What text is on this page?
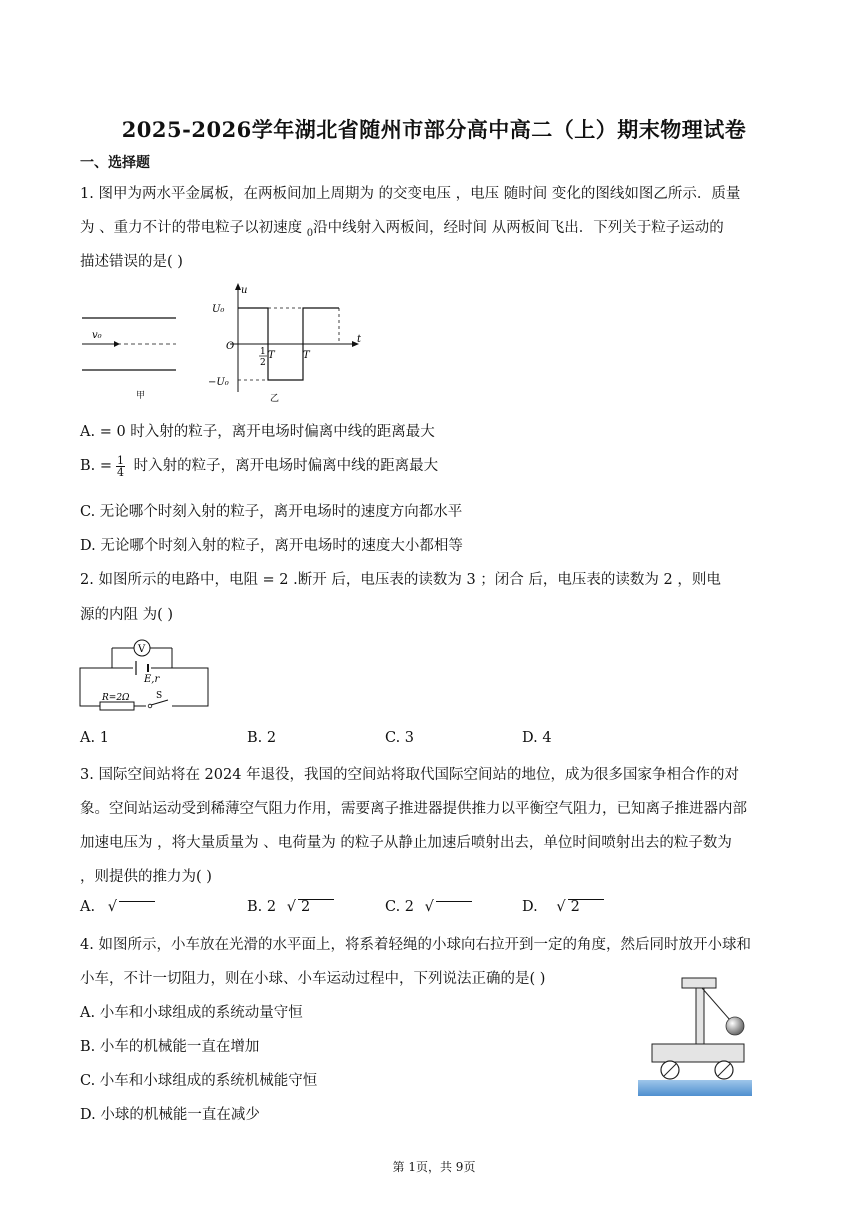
2025-2026学年湖北省随州市部分高中高二（上）期末物理试卷
一、选择题
1. 图甲为两水平金属板，在两板间加上周期为 的交变电压 ，电压 随时间 变化的图线如图乙所示．质量
为 、重力不计的带电粒子以初速度 $_0$沿中线射入两板间，经时间 从两板间飞出．下列关于粒子运动的
描述错误的是( )
v₀
甲
u
t
U₀
O	1
2
T	T
−U₀
乙
A. = 0 时入射的粒子，离开电场时偏离中线的距离最大
B. = $\frac{1}{4}$ 时入射的粒子，离开电场时偏离中线的距离最大
C. 无论哪个时刻入射的粒子，离开电场时的速度方向都水平
D. 无论哪个时刻入射的粒子，离开电场时的速度大小都相等
2. 如图所示的电路中，电阻 = 2 .断开 后，电压表的读数为 3 ；闭合 后，电压表的读数为 2 ，则电
源的内阻 为( )
V
E,r
R=2Ω	S
A. 1	B. 2	C. 3	D. 4
3. 国际空间站将在 2024 年退役，我国的空间站将取代国际空间站的地位，成为很多国家争相合作的对
象。空间站运动受到稀薄空气阻力作用，需要离子推进器提供推力以平衡空气阻力，已知离子推进器内部
加速电压为 ，将大量质量为 、电荷量为 的粒子从静止加速后喷射出去，单位时间喷射出去的粒子数为
，则提供的推力为( )
A. √	B. 2 √ 2	C. 2 √	D. √ 2
4. 如图所示，小车放在光滑的水平面上，将系着轻绳的小球向右拉开到一定的角度，然后同时放开小球和
小车，不计一切阻力，则在小球、小车运动过程中，下列说法正确的是( )
A. 小车和小球组成的系统动量守恒
B. 小车的机械能一直在增加
C. 小车和小球组成的系统机械能守恒
D. 小球的机械能一直在减少
第 1页，共 9页
